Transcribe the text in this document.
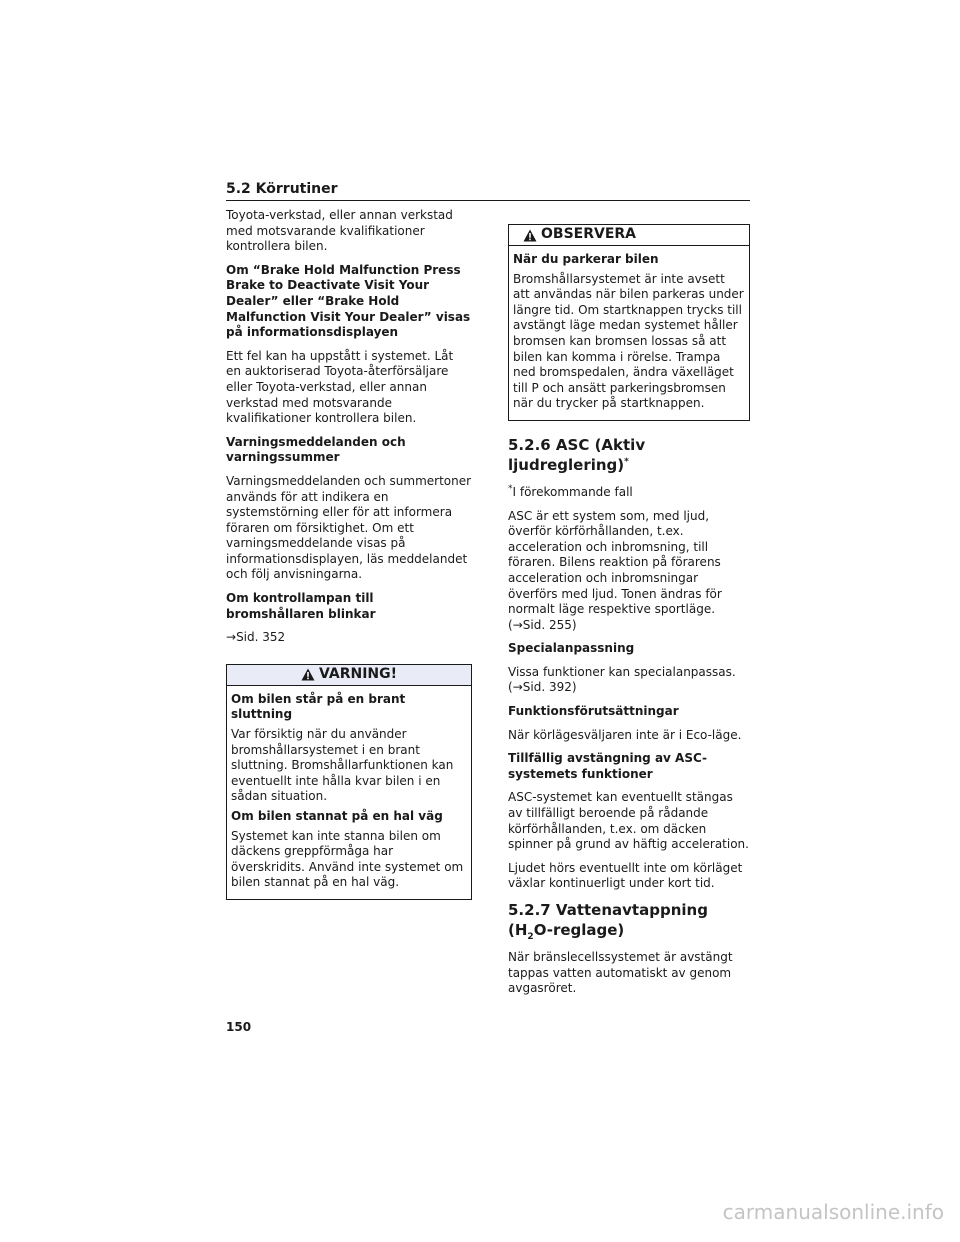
5.2 Körrutiner

Toyota-verkstad, eller annan verkstad med motsvarande kvalifikationer kontrollera bilen.

Om “Brake Hold Malfunction Press Brake to Deactivate Visit Your Dealer” eller “Brake Hold Malfunction Visit Your Dealer” visas på informationsdisplayen

Ett fel kan ha uppstått i systemet. Låt en auktoriserad Toyota-återförsäljare eller Toyota-verkstad, eller annan verkstad med motsvarande kvalifikationer kontrollera bilen.

Varningsmeddelanden och varningssummer

Varningsmeddelanden och summertoner används för att indikera en systemstörning eller för att informera föraren om försiktighet. Om ett varningsmeddelande visas på informationsdisplayen, läs meddelandet och följ anvisningarna.

Om kontrollampan till bromshållaren blinkar

→Sid. 352

VARNING!

Om bilen står på en brant sluttning

Var försiktig när du använder bromshållarsystemet i en brant sluttning. Bromshållarfunktionen kan eventuellt inte hålla kvar bilen i en sådan situation.

Om bilen stannat på en hal väg

Systemet kan inte stanna bilen om däckens greppförmåga har överskridits. Använd inte systemet om bilen stannat på en hal väg.

OBSERVERA

När du parkerar bilen

Bromshållarsystemet är inte avsett att användas när bilen parkeras under längre tid. Om startknappen trycks till avstängt läge medan systemet håller bromsen kan bromsen lossas så att bilen kan komma i rörelse. Trampa ned bromspedalen, ändra växelläget till P och ansätt parkeringsbromsen när du trycker på startknappen.

5.2.6 ASC (Aktiv ljudreglering)*

*I förekommande fall

ASC är ett system som, med ljud, överför körförhållanden, t.ex. acceleration och inbromsning, till föraren. Bilens reaktion på förarens acceleration och inbromsningar överförs med ljud. Tonen ändras för normalt läge respektive sportläge. (→Sid. 255)

Specialanpassning

Vissa funktioner kan specialanpassas. (→Sid. 392)

Funktionsförutsättningar

När körlägesväljaren inte är i Eco-läge.

Tillfällig avstängning av ASC-systemets funktioner

ASC-systemet kan eventuellt stängas av tillfälligt beroende på rådande körförhållanden, t.ex. om däcken spinner på grund av häftig acceleration.

Ljudet hörs eventuellt inte om körläget växlar kontinuerligt under kort tid.

5.2.7 Vattenavtappning
$(H_2O-reglage)$

När bränslecellssystemet är avstängt tappas vatten automatiskt av genom avgasröret.

150
carmanualsonline.info
